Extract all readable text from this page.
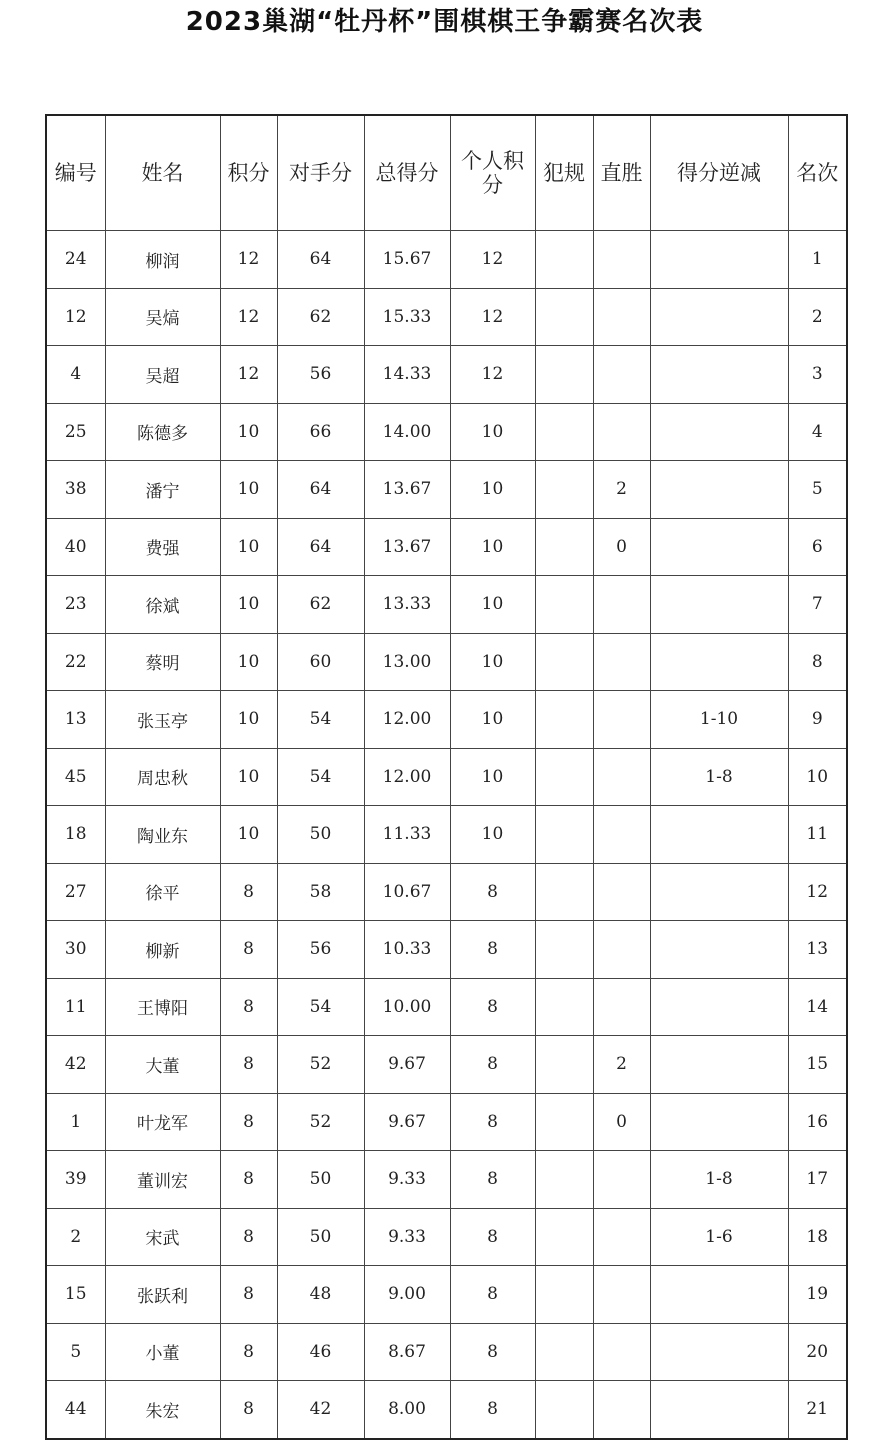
2023巢湖“牡丹杯”围棋棋王争霸赛名次表
编号	姓名	积分	对手分	总得分	个人积分	犯规	直胜	得分逆减	名次
24	柳润	12	64	15.67	12				1
12	吴熇	12	62	15.33	12				2
4	吴超	12	56	14.33	12				3
25	陈德多	10	66	14.00	10				4
38	潘宁	10	64	13.67	10		2		5
40	费强	10	64	13.67	10		0		6
23	徐斌	10	62	13.33	10				7
22	蔡明	10	60	13.00	10				8
13	张玉亭	10	54	12.00	10			1-10	9
45	周忠秋	10	54	12.00	10			1-8	10
18	陶业东	10	50	11.33	10				11
27	徐平	8	58	10.67	8				12
30	柳新	8	56	10.33	8				13
11	王博阳	8	54	10.00	8				14
42	大董	8	52	9.67	8		2		15
1	叶龙军	8	52	9.67	8		0		16
39	董训宏	8	50	9.33	8			1-8	17
2	宋武	8	50	9.33	8			1-6	18
15	张跃利	8	48	9.00	8				19
5	小董	8	46	8.67	8				20
44	朱宏	8	42	8.00	8				21
